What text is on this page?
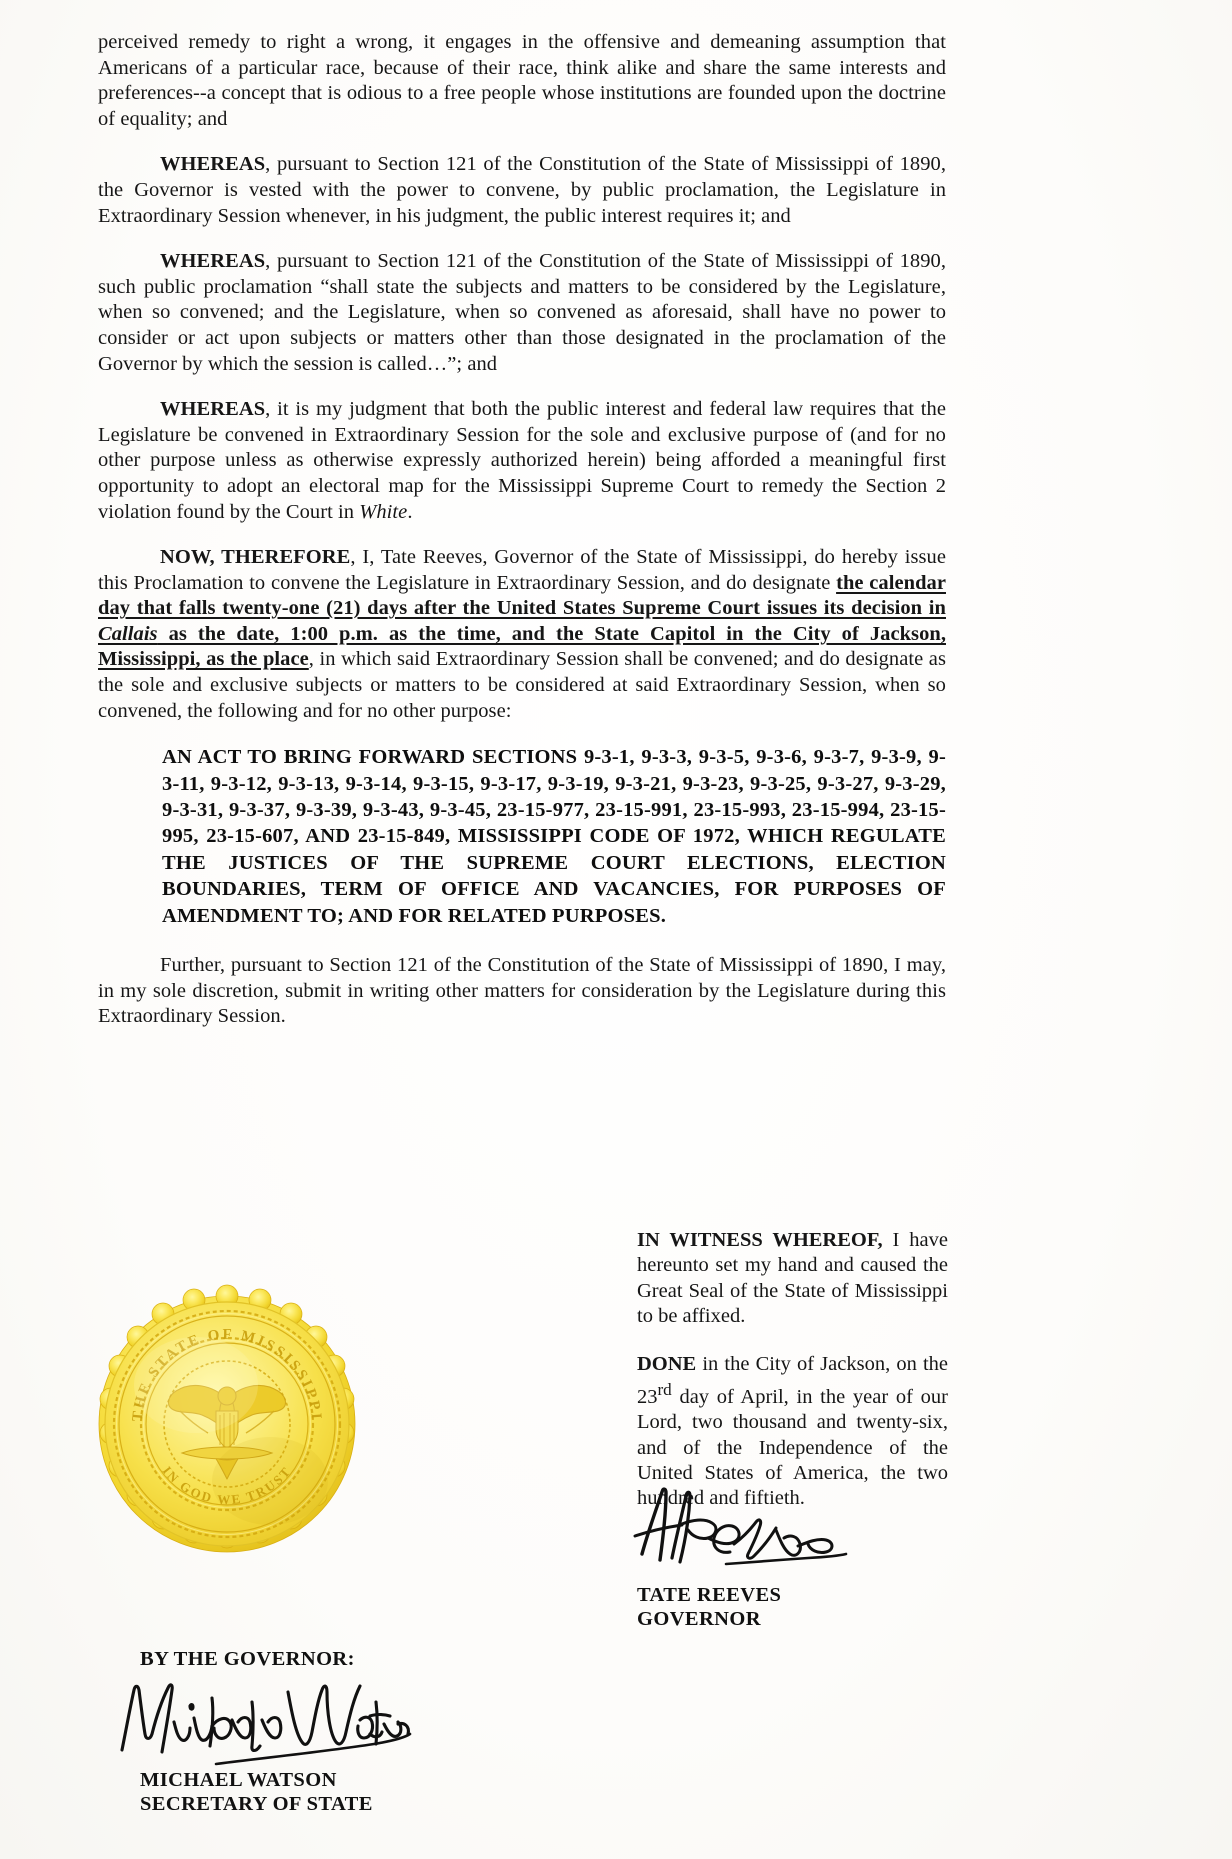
perceived remedy to right a wrong, it engages in the offensive and demeaning assumption that Americans of a particular race, because of their race, think alike and share the same interests and preferences--a concept that is odious to a free people whose institutions are founded upon the doctrine of equality; and

WHEREAS, pursuant to Section 121 of the Constitution of the State of Mississippi of 1890, the Governor is vested with the power to convene, by public proclamation, the Legislature in Extraordinary Session whenever, in his judgment, the public interest requires it; and

WHEREAS, pursuant to Section 121 of the Constitution of the State of Mississippi of 1890, such public proclamation “shall state the subjects and matters to be considered by the Legislature, when so convened; and the Legislature, when so convened as aforesaid, shall have no power to consider or act upon subjects or matters other than those designated in the proclamation of the Governor by which the session is called…”; and

WHEREAS, it is my judgment that both the public interest and federal law requires that the Legislature be convened in Extraordinary Session for the sole and exclusive purpose of (and for no other purpose unless as otherwise expressly authorized herein) being afforded a meaningful first opportunity to adopt an electoral map for the Mississippi Supreme Court to remedy the Section 2 violation found by the Court in White.

NOW, THEREFORE, I, Tate Reeves, Governor of the State of Mississippi, do hereby issue this Proclamation to convene the Legislature in Extraordinary Session, and do designate the calendar day that falls twenty-one (21) days after the United States Supreme Court issues its decision in Callais as the date, 1:00 p.m. as the time, and the State Capitol in the City of Jackson, Mississippi, as the place, in which said Extraordinary Session shall be convened; and do designate as the sole and exclusive subjects or matters to be considered at said Extraordinary Session, when so convened, the following and for no other purpose:

AN ACT TO BRING FORWARD SECTIONS 9-3-1, 9-3-3, 9-3-5, 9-3-6, 9-3-7, 9-3-9, 9-3-11, 9-3-12, 9-3-13, 9-3-14, 9-3-15, 9-3-17, 9-3-19, 9-3-21, 9-3-23, 9-3-25, 9-3-27, 9-3-29, 9-3-31, 9-3-37, 9-3-39, 9-3-43, 9-3-45, 23-15-977, 23-15-991, 23-15-993, 23-15-994, 23-15-995, 23-15-607, AND 23-15-849, MISSISSIPPI CODE OF 1972, WHICH REGULATE THE JUSTICES OF THE SUPREME COURT ELECTIONS, ELECTION BOUNDARIES, TERM OF OFFICE AND VACANCIES, FOR PURPOSES OF AMENDMENT TO; AND FOR RELATED PURPOSES.

Further, pursuant to Section 121 of the Constitution of the State of Mississippi of 1890, I may, in my sole discretion, submit in writing other matters for consideration by the Legislature during this Extraordinary Session.

IN WITNESS WHEREOF, I have hereunto set my hand and caused the Great Seal of the State of Mississippi to be affixed.

DONE in the City of Jackson, on the 23rd day of April, in the year of our Lord, two thousand and twenty-six, and of the Independence of the United States of America, the two hundred and fiftieth.

TATE REEVES
GOVERNOR
THE STATE OF MISSISSIPPI
IN GOD WE TRUST
BY THE GOVERNOR:
MICHAEL WATSON
SECRETARY OF STATE
